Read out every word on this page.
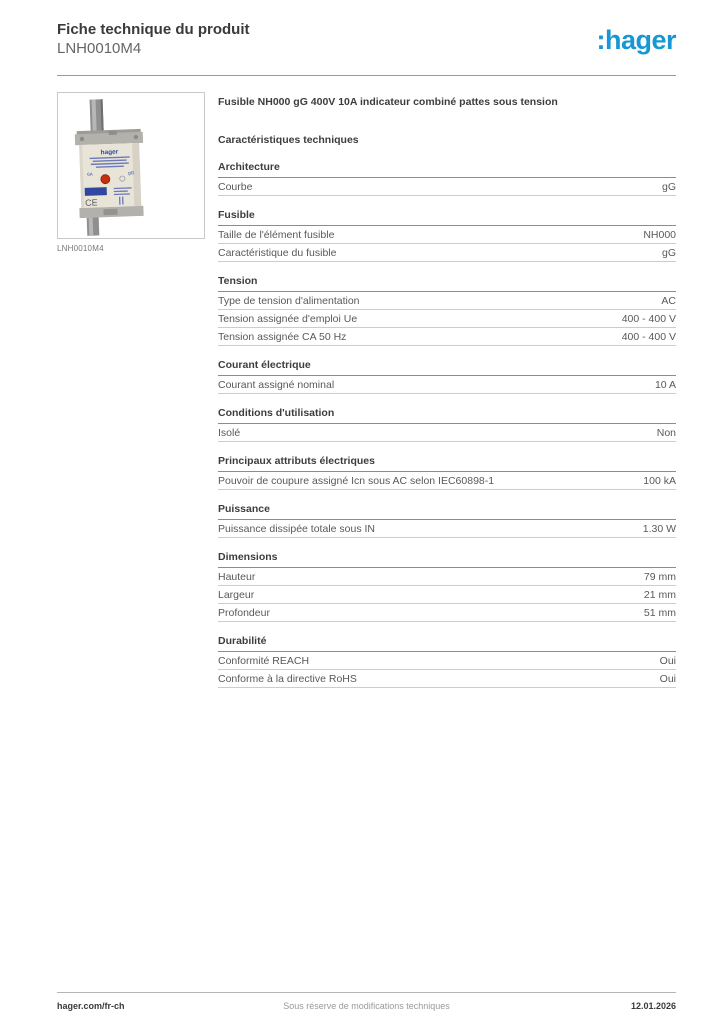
Fiche technique du produit
LNH0010M4	:hager
hager
6A	gG
CE
LNH0010M4

Fusible NH000 gG 400V 10A indicateur combiné pattes sous tension

Caractéristiques techniques

Architecture
Courbe	gG
Fusible
Taille de l'élément fusible	NH000
Caractéristique du fusible	gG
Tension
Type de tension d'alimentation	AC
Tension assignée d'emploi Ue	400 - 400 V
Tension assignée CA 50 Hz	400 - 400 V
Courant électrique
Courant assigné nominal	10 A
Conditions d'utilisation
Isolé	Non
Principaux attributs électriques
Pouvoir de coupure assigné Icn sous AC selon IEC60898-1	100 kA
Puissance
Puissance dissipée totale sous IN	1.30 W
Dimensions
Hauteur	79 mm
Largeur	21 mm
Profondeur	51 mm
Durabilité
Conformité REACH	Oui
Conforme à la directive RoHS	Oui
hager.com/fr-ch	Sous réserve de modifications techniques	12.01.2026
